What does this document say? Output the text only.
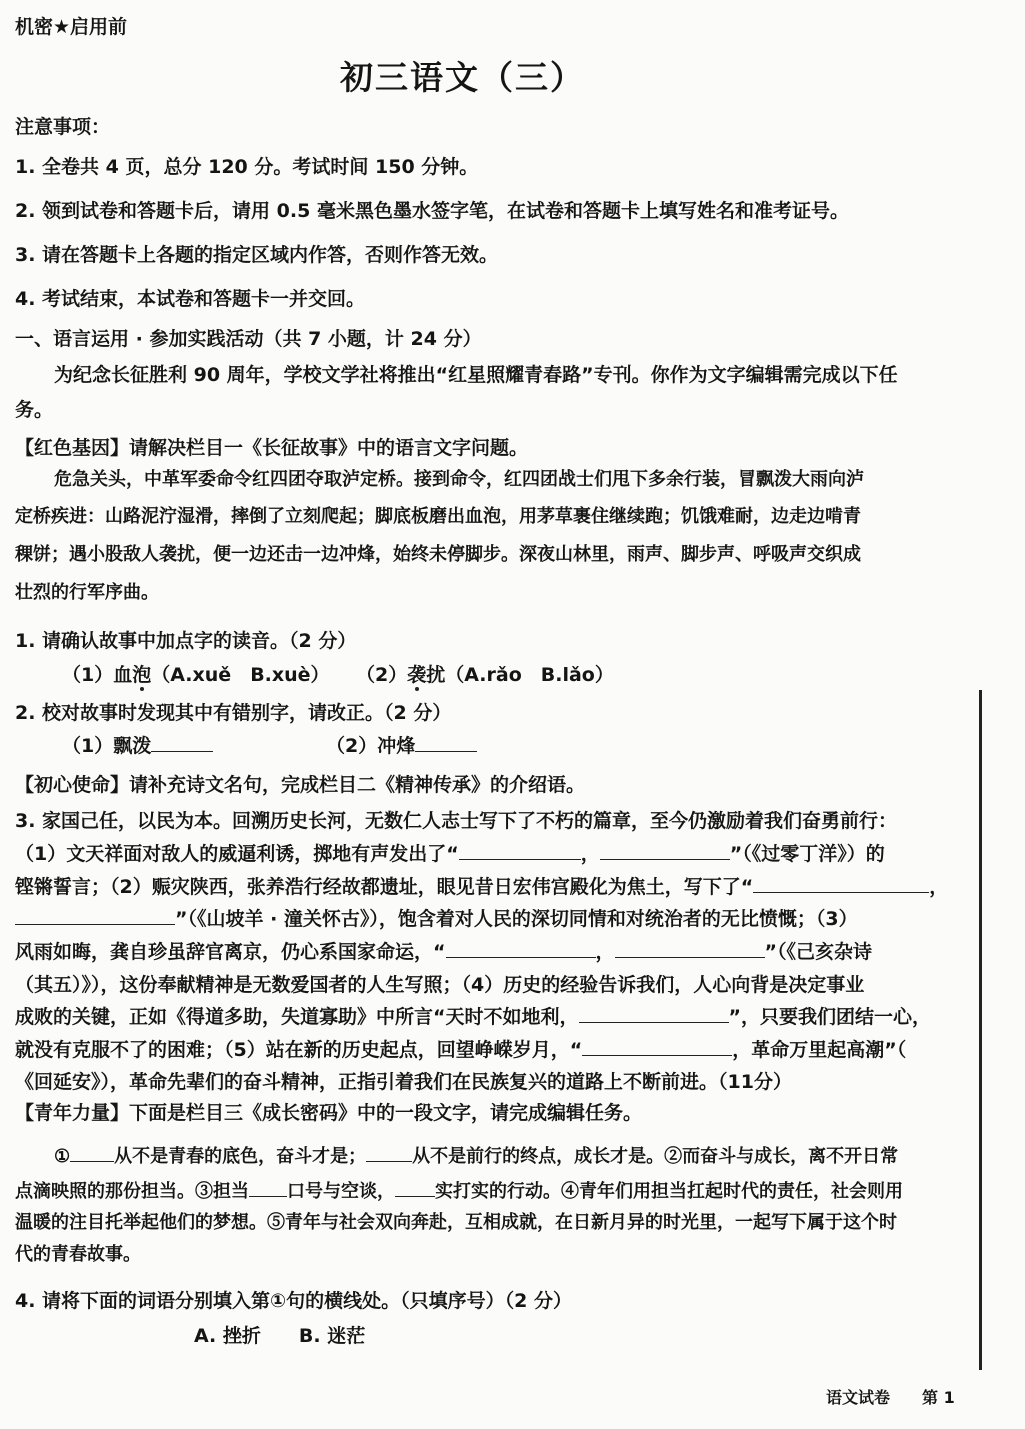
机密★启用前
初三语文（三）
注意事项：
1. 全卷共 4 页，总分 120 分。考试时间 150 分钟。
2. 领到试卷和答题卡后，请用 0.5 毫米黑色墨水签字笔，在试卷和答题卡上填写姓名和准考证号。
3. 请在答题卡上各题的指定区域内作答，否则作答无效。
4. 考试结束，本试卷和答题卡一并交回。
一、语言运用 · 参加实践活动（共 7 小题，计 24 分）
为纪念长征胜利 90 周年，学校文学社将推出“红星照耀青春路”专刊。你作为文字编辑需完成以下任
务。
【红色基因】请解决栏目一《长征故事》中的语言文字问题。
危急关头，中革军委命令红四团夺取泸定桥。接到命令，红四团战士们甩下多余行装，冒飘泼大雨向泸
定桥疾进：山路泥泞湿滑，摔倒了立刻爬起；脚底板磨出血泡，用茅草裹住继续跑；饥饿难耐，边走边啃青
稞饼；遇小股敌人袭扰，便一边还击一边冲烽，始终未停脚步。深夜山林里，雨声、脚步声、呼吸声交织成
壮烈的行军序曲。
1. 请确认故事中加点字的读音。（2 分）
（1）血泡
（A.xuě　B.xuè） （2）袭
扰（A.rǎo　B.lǎo）
2. 校对故事时发现其中有错别字，请改正。（2 分）
（1）飘泼	（2）冲烽
【初心使命】请补充诗文名句，完成栏目二《精神传承》的介绍语。
3. 家国己任，以民为本。回溯历史长河，无数仁人志士写下了不朽的篇章，至今仍激励着我们奋勇前行：
（1）文天祥面对敌人的威逼利诱，掷地有声发出了“	，	”（《过零丁洋》）的
铿锵誓言；（2）赈灾陕西，张养浩行经故都遗址，眼见昔日宏伟宫殿化为焦土，写下了“	，
”（《山坡羊 · 潼关怀古》），饱含着对人民的深切同情和对统治者的无比愤慨；（3）
风雨如晦，龚自珍虽辞官离京，仍心系国家命运，“	，	”（《己亥杂诗
（其五）》），这份奉献精神是无数爱国者的人生写照；（4）历史的经验告诉我们，人心向背是决定事业
成败的关键，正如《得道多助，失道寡助》中所言“天时不如地利，	”，只要我们团结一心，
就没有克服不了的困难；（5）站在新的历史起点，回望峥嵘岁月，“	，革命万里起高潮”（
《回延安》），革命先辈们的奋斗精神，正指引着我们在民族复兴的道路上不断前进。（11分）
【青年力量】下面是栏目三《成长密码》中的一段文字，请完成编辑任务。
① 从不是青春的底色，奋斗才是；	从不是前行的终点，成长才是。②而奋斗与成长，离不开日常
点滴映照的那份担当。③担当 口号与空谈， 实打实的行动。④青年们用担当扛起时代的责任，社会则用
温暖的注目托举起他们的梦想。⑤青年与社会双向奔赴，互相成就，在日新月异的时光里，一起写下属于这个时
代的青春故事。
4. 请将下面的词语分别填入第①句的横线处。（只填序号）（2 分）
A. 挫折　　B. 迷茫
语文试卷　　第 1
